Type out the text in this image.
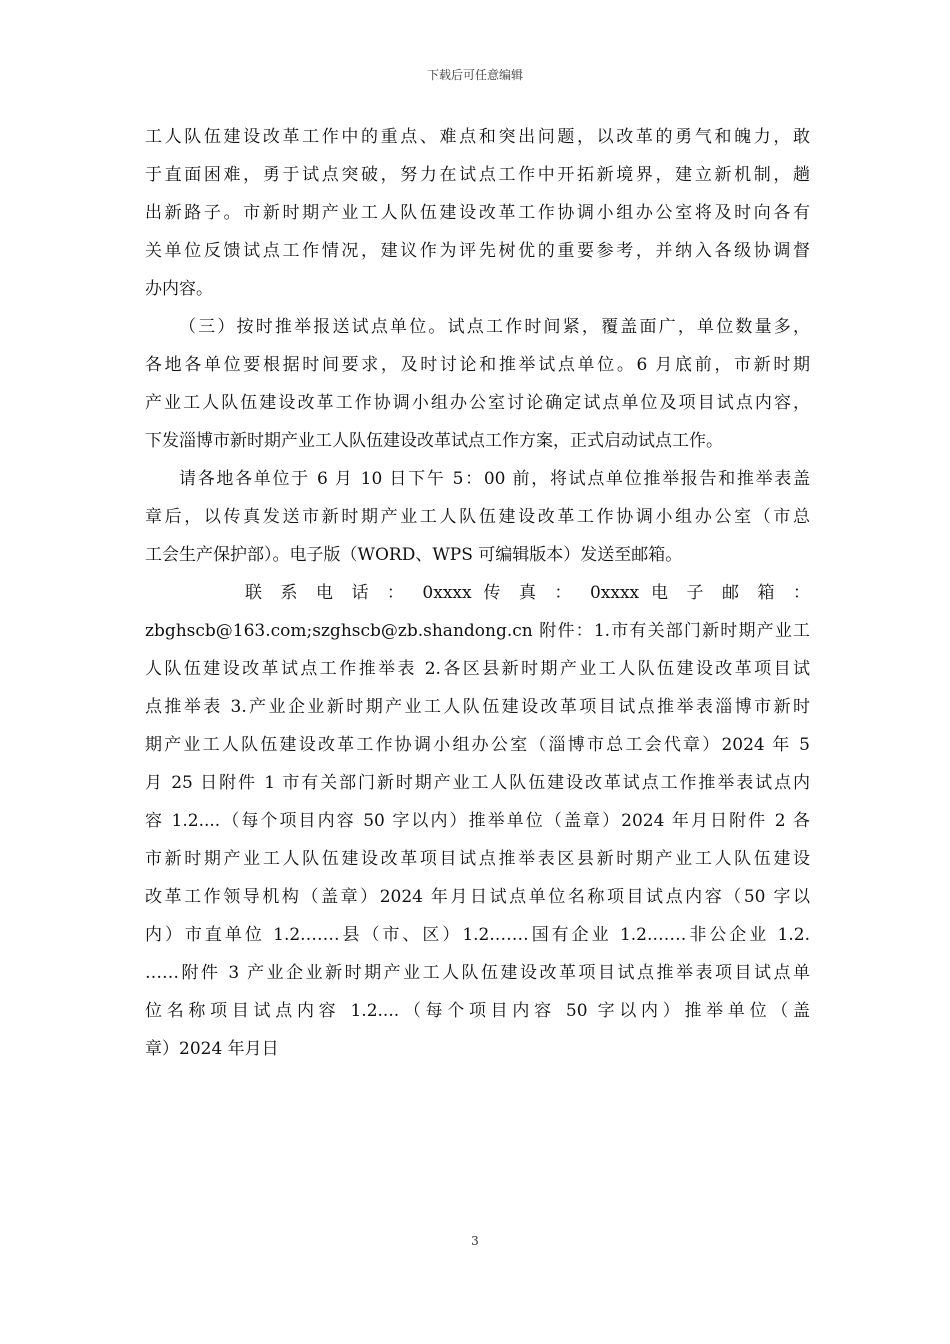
下载后可任意编辑
工人队伍建设改革工作中的重点、难点和突出问题，以改革的勇气和魄力，敢
于直面困难，勇于试点突破，努力在试点工作中开拓新境界，建立新机制，趟
出新路子。市新时期产业工人队伍建设改革工作协调小组办公室将及时向各有
关单位反馈试点工作情况，建议作为评先树优的重要参考，并纳入各级协调督
办内容。
（三）按时推举报送试点单位。试点工作时间紧，覆盖面广，单位数量多，
各地各单位要根据时间要求，及时讨论和推举试点单位。6 月底前，市新时期
产业工人队伍建设改革工作协调小组办公室讨论确定试点单位及项目试点内容，
下发淄博市新时期产业工人队伍建设改革试点工作方案，正式启动试点工作。
请各地各单位于 6 月 10 日下午 5：00 前，将试点单位推举报告和推举表盖
章后，以传真发送市新时期产业工人队伍建设改革工作协调小组办公室（市总
工会生产保护部）。电子版（WORD、WPS 可编辑版本）发送至邮箱。
联 系 电 话 ： 0xxxx 传 真 ： 0xxxx 电 子 邮 箱 ：
zbghscb@163.com;szghscb@zb.shandong.cn 附件：1.市有关部门新时期产业工
人队伍建设改革试点工作推举表 2.各区县新时期产业工人队伍建设改革项目试
点推举表 3.产业企业新时期产业工人队伍建设改革项目试点推举表淄博市新时
期产业工人队伍建设改革工作协调小组办公室（淄博市总工会代章）2024 年 5
月 25 日附件 1 市有关部门新时期产业工人队伍建设改革试点工作推举表试点内
容 1.2....（每个项目内容 50 字以内）推举单位（盖章）2024 年月日附件 2 各
市新时期产业工人队伍建设改革项目试点推举表区县新时期产业工人队伍建设
改革工作领导机构（盖章）2024 年月日试点单位名称项目试点内容（50 字以
内）市直单位 1.2.……县（市、区）1.2.……国有企业 1.2.……非公企业 1.2.
……附件 3 产业企业新时期产业工人队伍建设改革项目试点推举表项目试点单
位名称项目试点内容 1.2....（每个项目内容 50 字以内）推举单位（盖
章）2024 年月日
3
